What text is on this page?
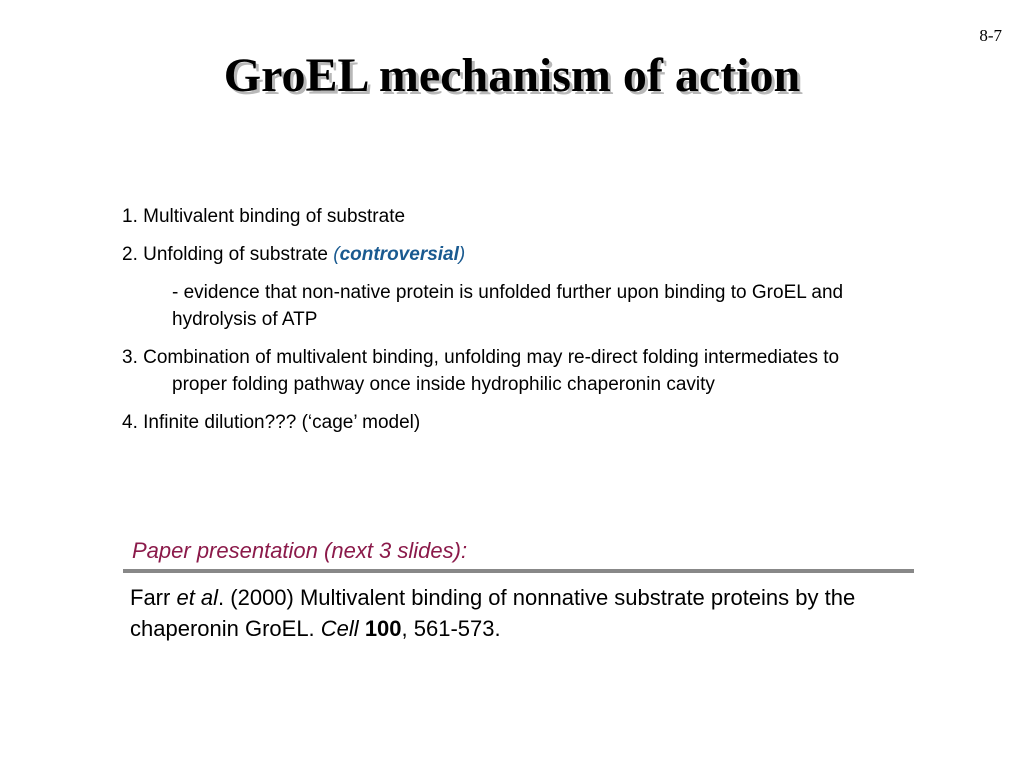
8-7
GroEL mechanism of action
1. Multivalent binding of substrate
2. Unfolding of substrate (controversial)
- evidence that non-native protein is unfolded further upon binding to GroEL and hydrolysis of ATP
3. Combination of multivalent binding, unfolding may re-direct folding intermediates to proper folding pathway once inside hydrophilic chaperonin cavity
4. Infinite dilution??? (‘cage’ model)
Paper presentation (next 3 slides):
Farr et al. (2000) Multivalent binding of nonnative substrate proteins by the chaperonin GroEL. Cell 100, 561-573.
